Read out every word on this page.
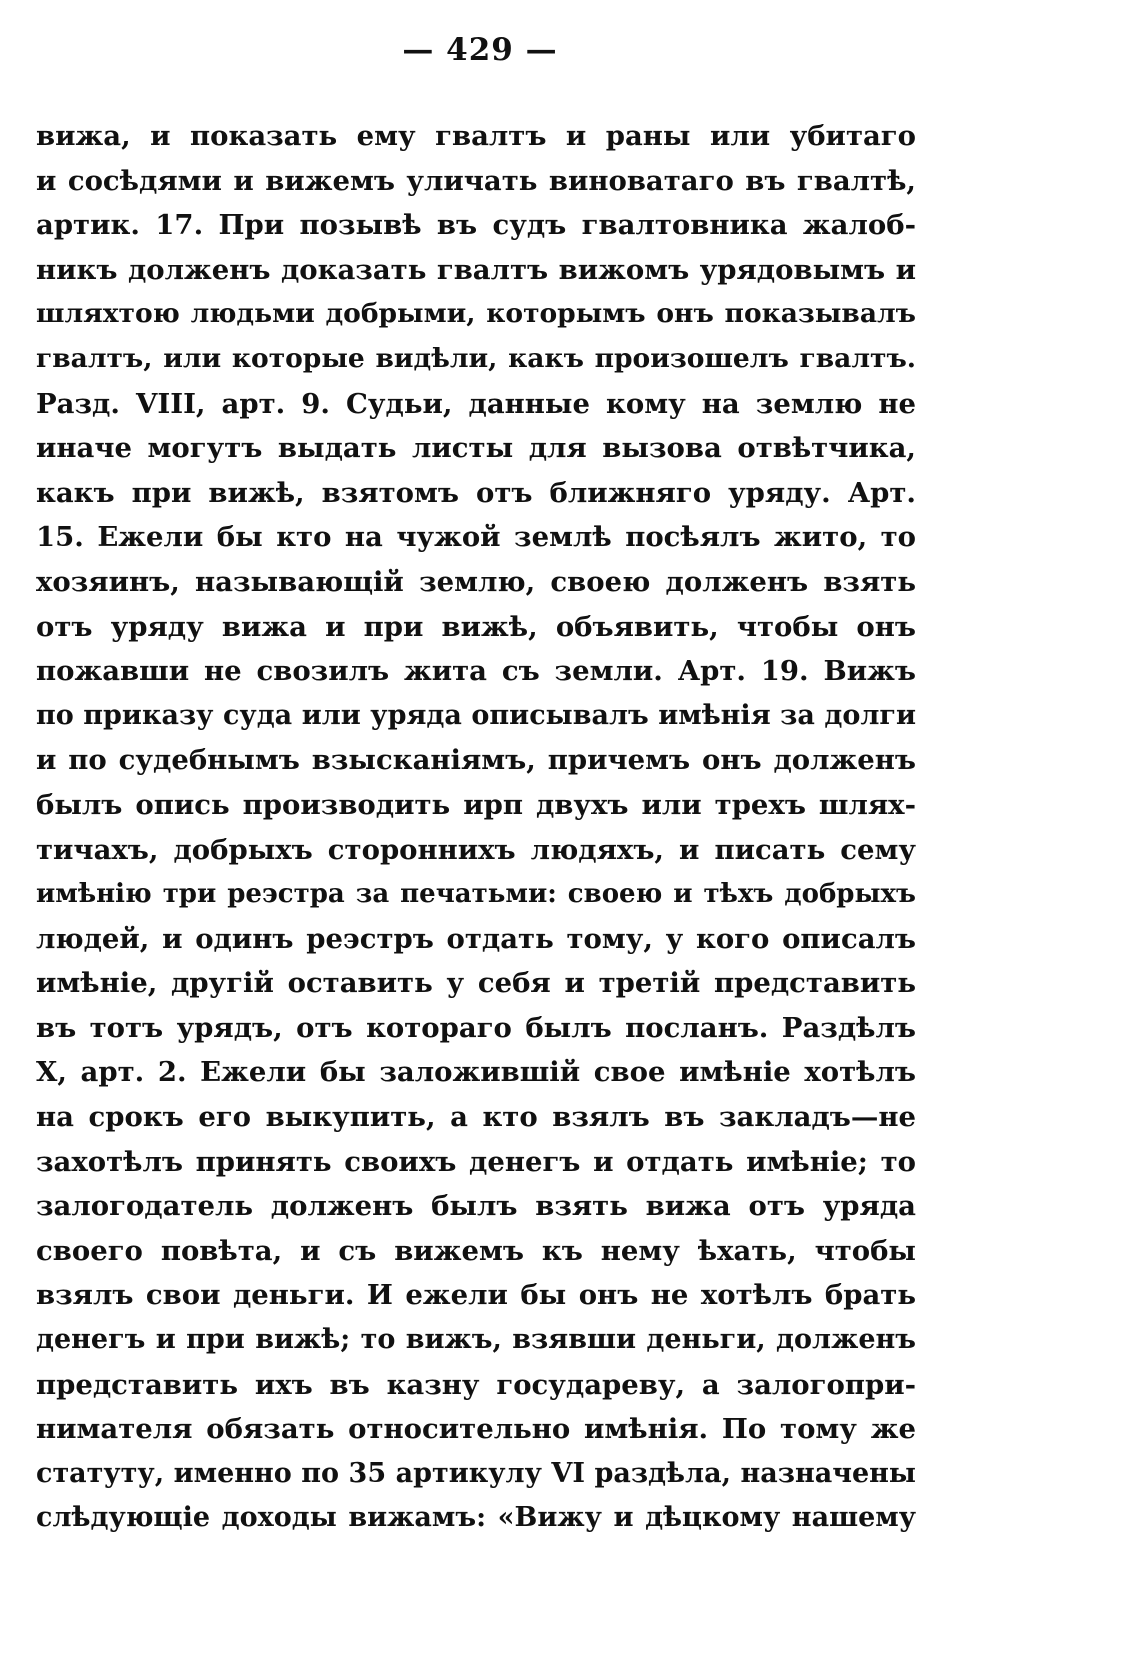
— 429 —
вижа, и показать ему гвалтъ и раны или убитаго
и сосѣдями и вижемъ уличать виноватаго въ гвалтѣ,
артик. 17. При позывѣ въ судъ гвалтовника жалоб-
никъ долженъ доказать гвалтъ вижомъ урядовымъ и
шляхтою людьми добрыми, которымъ онъ показывалъ
гвалтъ, или которые видѣли, какъ произошелъ гвалтъ.
Разд. VIII, арт. 9. Судьи, данные кому на землю не
иначе могутъ выдать листы для вызова отвѣтчика,
какъ при вижѣ, взятомъ отъ ближняго уряду. Арт.
15. Ежели бы кто на чужой землѣ посѣялъ жито, то
хозяинъ, называющій землю, своею долженъ взять
отъ уряду вижа и при вижѣ, объявить, чтобы онъ
пожавши не свозилъ жита съ земли. Арт. 19. Вижъ
по приказу суда или уряда описывалъ имѣнія за долги
и по судебнымъ взысканіямъ, причемъ онъ долженъ
былъ опись производить ирп двухъ или трехъ шлях-
тичахъ, добрыхъ стороннихъ людяхъ, и писать сему
имѣнію три реэстра за печатьми: своею и тѣхъ добрыхъ
людей, и одинъ реэстръ отдать тому, у кого описалъ
имѣніе, другій оставить у себя и третій представить
въ тотъ урядъ, отъ котораго былъ посланъ. Раздѣлъ
X, арт. 2. Ежели бы заложившій свое имѣніе хотѣлъ
на срокъ его выкупить, а кто взялъ въ закладъ—не
захотѣлъ принять своихъ денегъ и отдать имѣніе; то
залогодатель долженъ былъ взять вижа отъ уряда
своего повѣта, и съ вижемъ къ нему ѣхать, чтобы
взялъ свои деньги. И ежели бы онъ не хотѣлъ брать
денегъ и при вижѣ; то вижъ, взявши деньги, долженъ
представить ихъ въ казну государеву, а залогопри-
нимателя обязать относительно имѣнія. По тому же
статуту, именно по 35 артикулу VI раздѣла, назначены
слѣдующіе доходы вижамъ: «Вижу и дѣцкому нашему
